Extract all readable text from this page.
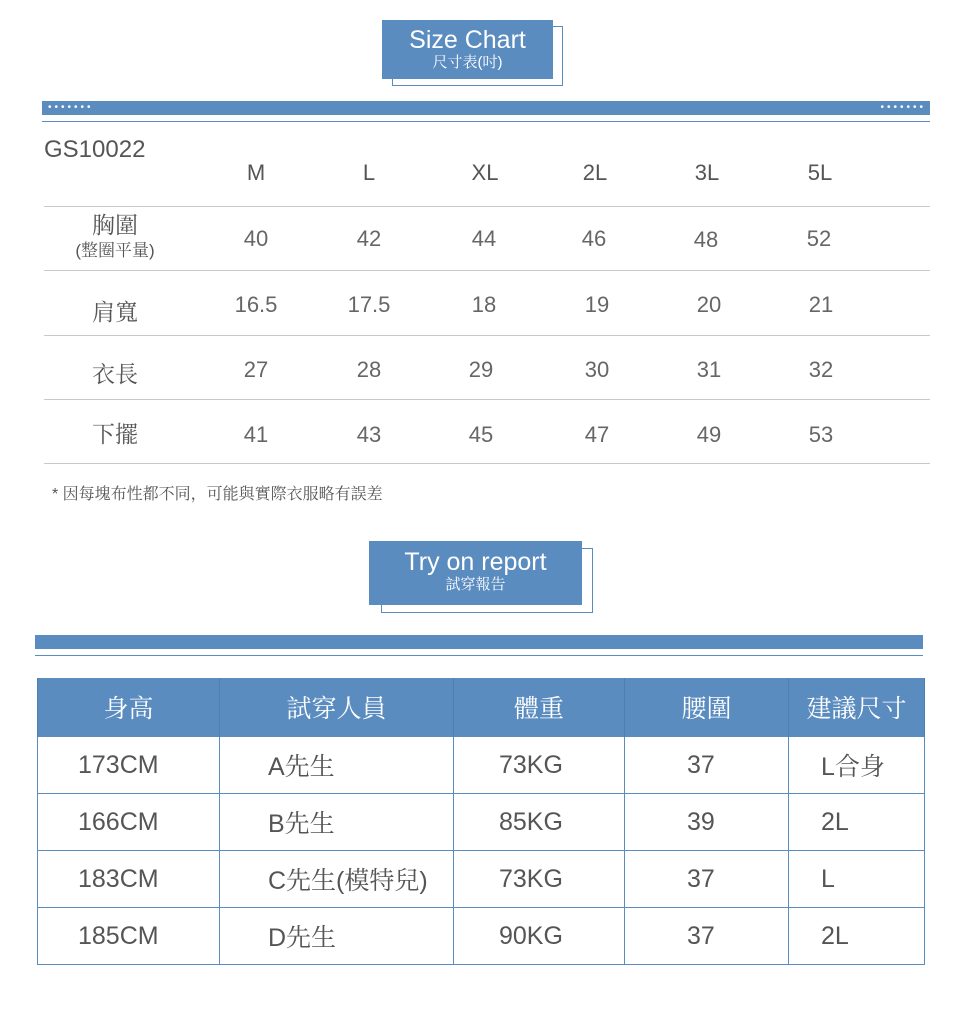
Size Chart
尺寸表(吋)
•••••••	•••••••
GS10022
M	L	XL	2L	3L	5L
胸圍
(整圈平量)	40	42	44	46	48	52
肩寬	16.5	17.5	18	19	20	21
衣長	27	28	29	30	31	32
下擺	41	43	45	47	49	53
* 因每塊布性都不同，可能與實際衣服略有誤差
Try on report
試穿報告
身高	試穿人員	體重	腰圍	建議尺寸
173CM	A先生	73KG	37	L合身
166CM	B先生	85KG	39	2L
183CM	C先生(模特兒)	73KG	37	L
185CM	D先生	90KG	37	2L
